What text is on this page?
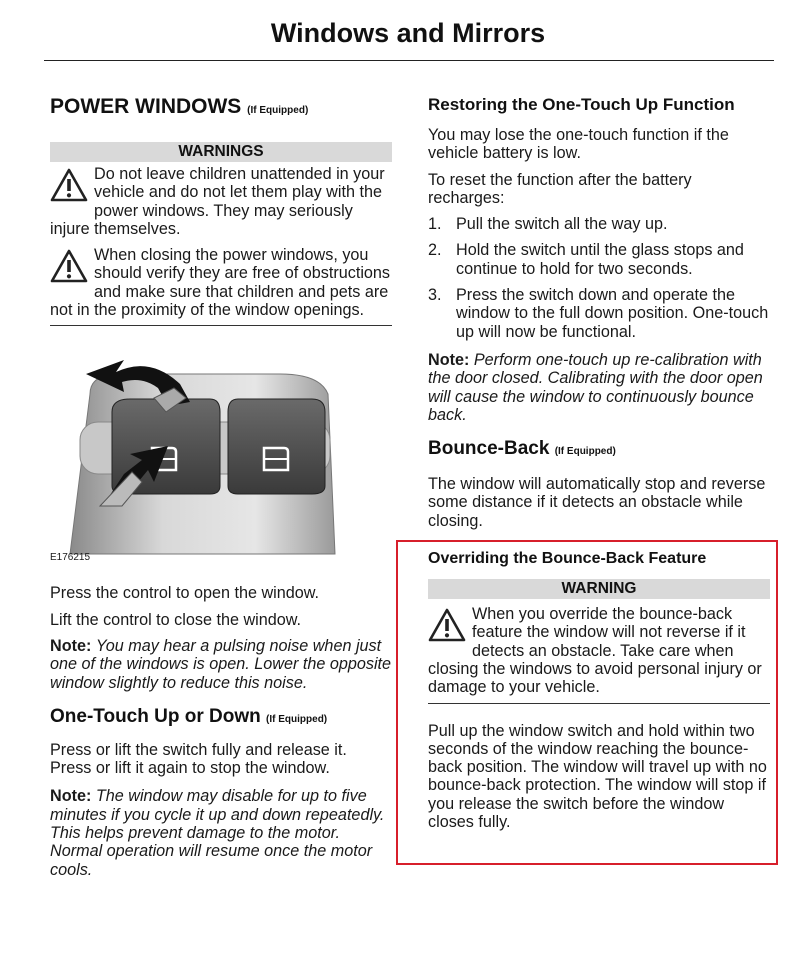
Windows and Mirrors
POWER WINDOWS (If Equipped)
WARNINGS

Do not leave children unattended in your vehicle and do not let them play with the power windows. They may seriously injure themselves.

When closing the power windows, you should verify they are free of obstructions and make sure that children and pets are not in the proximity of the window openings.

E176215

Press the control to open the window.

Lift the control to close the window.

Note: You may hear a pulsing noise when just one of the windows is open. Lower the opposite window slightly to reduce this noise.

One-Touch Up or Down (If Equipped)

Press or lift the switch fully and release it. Press or lift it again to stop the window.

Note: The window may disable for up to five minutes if you cycle it up and down repeatedly. This helps prevent damage to the motor. Normal operation will resume once the motor cools.

Restoring the One-Touch Up Function

You may lose the one-touch function if the vehicle battery is low.

To reset the function after the battery recharges:

1. Pull the switch all the way up.
2. Hold the switch until the glass stops and continue to hold for two seconds.
3. Press the switch down and operate the window to the full down position. One-touch up will now be functional.

Note: Perform one-touch up re-calibration with the door closed. Calibrating with the door open will cause the window to continuously bounce back.

Bounce-Back (If Equipped)

The window will automatically stop and reverse some distance if it detects an obstacle while closing.

Overriding the Bounce-Back Feature
WARNING

When you override the bounce-back feature the window will not reverse if it detects an obstacle. Take care when closing the windows to avoid personal injury or damage to your vehicle.

Pull up the window switch and hold within two seconds of the window reaching the bounce-back position. The window will travel up with no bounce-back protection. The window will stop if you release the switch before the window closes fully.
